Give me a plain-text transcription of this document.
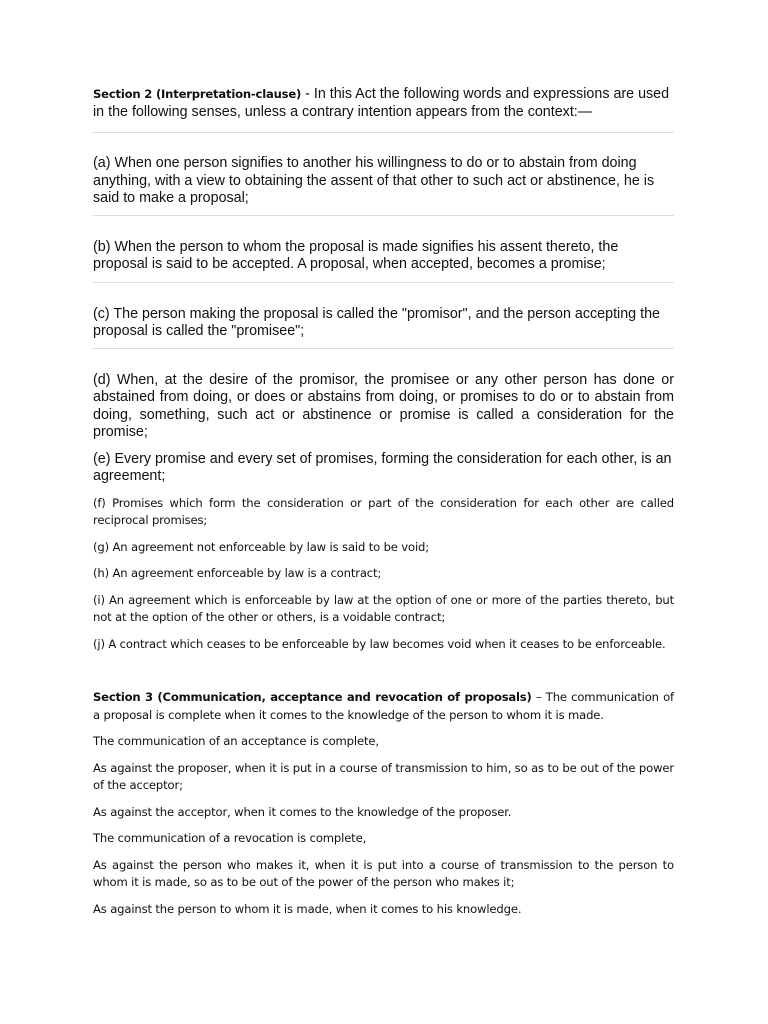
Section 2 (Interpretation-clause) - In this Act the following words and expressions are used in the following senses, unless a contrary intention appears from the context:—

(a) When one person signifies to another his willingness to do or to abstain from doing anything, with a view to obtaining the assent of that other to such act or abstinence, he is said to make a proposal;

(b) When the person to whom the proposal is made signifies his assent thereto, the proposal is said to be accepted. A proposal, when accepted, becomes a promise;

(c) The person making the proposal is called the "promisor", and the person accepting the proposal is called the "promisee";

(d) When, at the desire of the promisor, the promisee or any other person has done or abstained from doing, or does or abstains from doing, or promises to do or to abstain from doing, something, such act or abstinence or promise is called a consideration for the promise;

(e) Every promise and every set of promises, forming the consideration for each other, is an agreement;

(f) Promises which form the consideration or part of the consideration for each other are called reciprocal promises;

(g) An agreement not enforceable by law is said to be void;

(h) An agreement enforceable by law is a contract;

(i) An agreement which is enforceable by law at the option of one or more of the parties thereto, but not at the option of the other or others, is a voidable contract;

(j) A contract which ceases to be enforceable by law becomes void when it ceases to be enforceable.

Section 3 (Communication, acceptance and revocation of proposals) – The communication of a proposal is complete when it comes to the knowledge of the person to whom it is made.

The communication of an acceptance is complete,

As against the proposer, when it is put in a course of transmission to him, so as to be out of the power of the acceptor;

As against the acceptor, when it comes to the knowledge of the proposer.

The communication of a revocation is complete,

As against the person who makes it, when it is put into a course of transmission to the person to whom it is made, so as to be out of the power of the person who makes it;

As against the person to whom it is made, when it comes to his knowledge.
